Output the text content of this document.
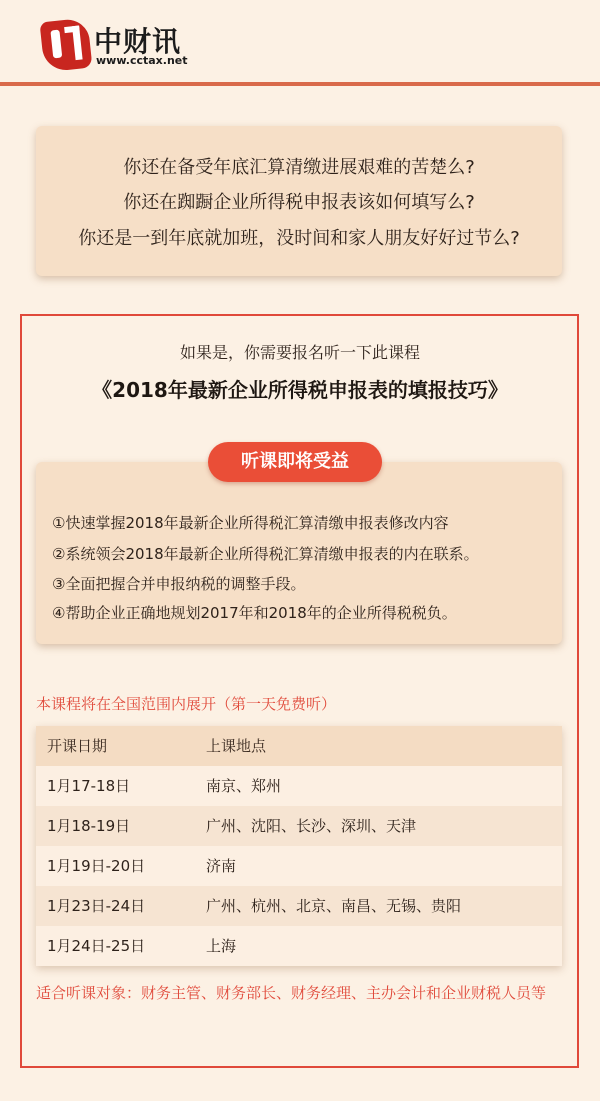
中财讯
www.cctax.net
你还在备受年底汇算清缴进展艰难的苦楚么?
你还在踟蹰企业所得税申报表该如何填写么?
你还是一到年底就加班，没时间和家人朋友好好过节么?
如果是，你需要报名听一下此课程
《2018年最新企业所得税申报表的填报技巧》
听课即将受益
①快速掌握2018年最新企业所得税汇算清缴申报表修改内容
②系统领会2018年最新企业所得税汇算清缴申报表的内在联系。
③全面把握合并申报纳税的调整手段。
④帮助企业正确地规划2017年和2018年的企业所得税税负。
本课程将在全国范围内展开（第一天免费听）
开课日期	上课地点
1月17-18日	南京、郑州
1月18-19日	广州、沈阳、长沙、深圳、天津
1月19日-20日	济南
1月23日-24日	广州、杭州、北京、南昌、无锡、贵阳
1月24日-25日	上海
适合听课对象：财务主管、财务部长、财务经理、主办会计和企业财税人员等
